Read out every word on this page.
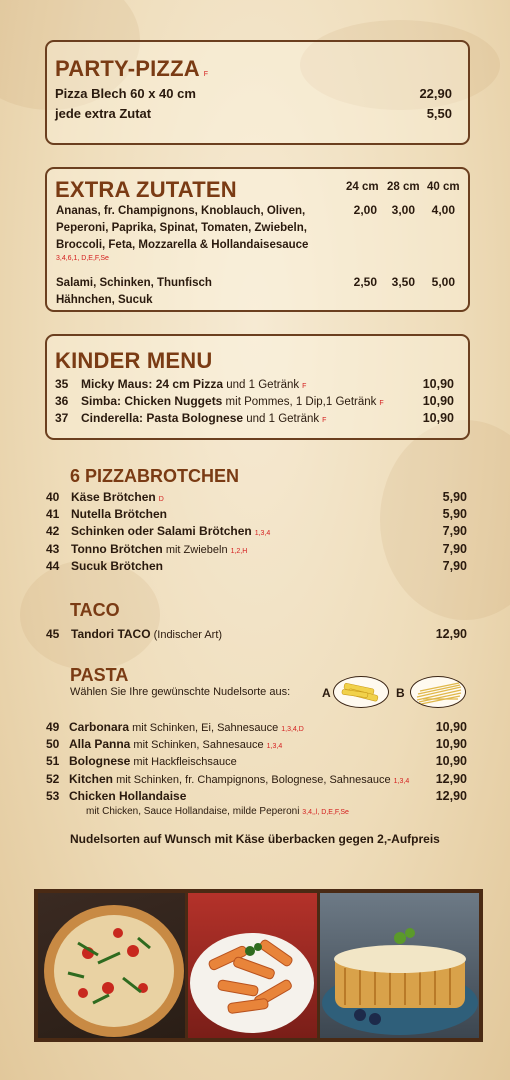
PARTY-PIZZA F
Pizza Blech 60 x 40 cm	22,90
jede extra Zutat	5,50
EXTRA ZUTATEN	24 cm 28 cm 40 cm
Ananas, fr. Champignons, Knoblauch, Oliven,
Peperoni, Paprika, Spinat, Tomaten, Zwiebeln,
Broccoli, Feta, Mozzarella & Hollandaisesauce
3,4,6,1, D,E,F,Se
2,00	3,00	4,00
Salami, Schinken, Thunfisch
Hähnchen, Sucuk
2,50	3,50	5,00
KINDER MENU
35 Micky Maus: 24 cm Pizza und 1 Getränk F	10,90
36 Simba: Chicken Nuggets mit Pommes, 1 Dip,1 Getränk F	10,90
37 Cinderella: Pasta Bolognese und 1 Getränk F	10,90
6 PIZZABROTCHEN
40 Käse Brötchen D	5,90
41 Nutella Brötchen	5,90
42 Schinken oder Salami Brötchen 1,3,4	7,90
43 Tonno Brötchen mit Zwiebeln 1,2,H	7,90
44 Sucuk Brötchen	7,90
TACO
45 Tandori TACO (Indischer Art)	12,90
PASTA
Wählen Sie Ihre gewünschte Nudelsorte aus:	A	B
49 Carbonara mit Schinken, Ei, Sahnesauce 1,3,4,D	10,90
50 Alla Panna mit Schinken, Sahnesauce 1,3,4	10,90
51 Bolognese mit Hackfleischsauce	10,90
52 Kitchen mit Schinken, fr. Champignons, Bolognese, Sahnesauce 1,3,4	12,90
53 Chicken Hollandaise	12,90
mit Chicken, Sauce Hollandaise, milde Peperoni 3,4,,l, D,E,F,Se
Nudelsorten auf Wunsch mit Käse überbacken gegen 2,-Aufpreis
